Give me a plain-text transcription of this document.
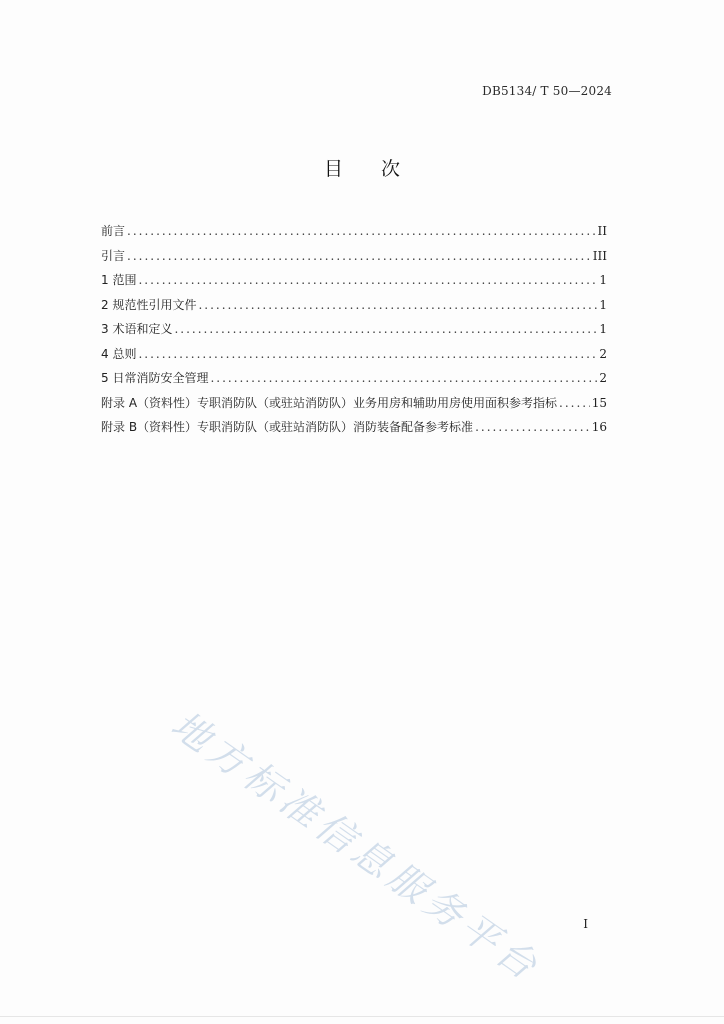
DB5134/ T 50—2024
目 次
前言 .....	II
引言 .....	III
1 范围 .....	1
2 规范性引用文件 .....	1
3 术语和定义 .....	1
4 总则 .....	2
5 日常消防安全管理 .....	2
附录 A（资料性）专职消防队（或驻站消防队）业务用房和辅助用房使用面积参考指标 .....	15
附录 B（资料性）专职消防队（或驻站消防队）消防装备配备参考标准 .....	16
地方标准信息服务平台	I
